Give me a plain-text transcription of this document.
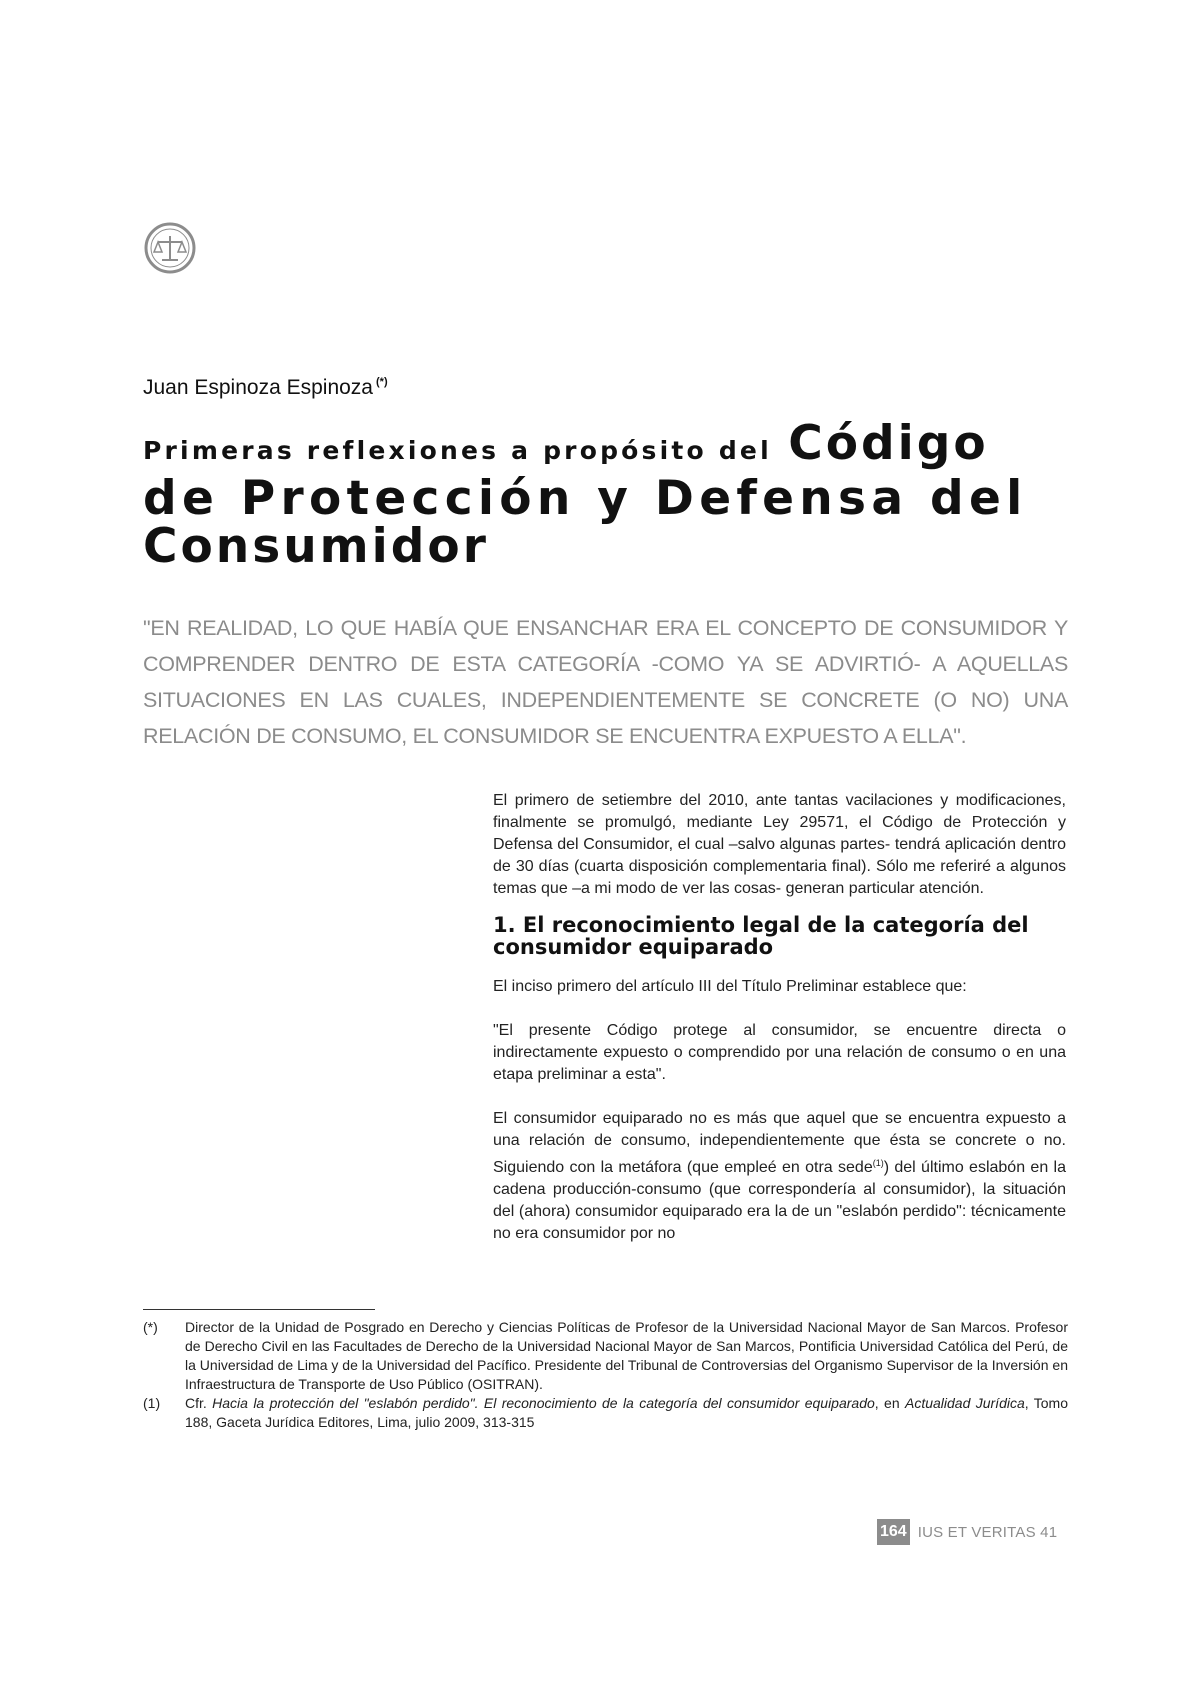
Juan Espinoza Espinoza (*)
Primeras reflexiones a propósito del Código
de Protección y Defensa del
Consumidor

"EN REALIDAD, LO QUE HABÍA QUE ENSANCHAR ERA EL CONCEPTO DE CONSUMIDOR Y COMPRENDER DENTRO DE ESTA CATEGORÍA -COMO YA SE ADVIRTIÓ- A AQUELLAS SITUACIONES EN LAS CUALES, INDEPENDIENTEMENTE SE CONCRETE (O NO) UNA RELACIÓN DE CONSUMO, EL CONSUMIDOR SE ENCUENTRA EXPUESTO A ELLA".

El primero de setiembre del 2010, ante tantas vacilaciones y modificaciones, finalmente se promulgó, mediante Ley 29571, el Código de Protección y Defensa del Consumidor, el cual –salvo algunas partes- tendrá aplicación dentro de 30 días (cuarta disposición complementaria final). Sólo me referiré a algunos temas que –a mi modo de ver las cosas- generan particular atención.

1. El reconocimiento legal de la categoría del consumidor equiparado

El inciso primero del artículo III del Título Preliminar establece que:

"El presente Código protege al consumidor, se encuentre directa o indirectamente expuesto o comprendido por una relación de consumo o en una etapa preliminar a esta".

El consumidor equiparado no es más que aquel que se encuentra expuesto a una relación de consumo, independientemente que ésta se concrete o no. Siguiendo con la metáfora (que empleé en otra sede$^{(1)}$) del último eslabón en la cadena producción-consumo (que correspondería al consumidor), la situación del (ahora) consumidor equiparado era la de un "eslabón perdido": técnicamente no era consumidor por no

(*)	Director de la Unidad de Posgrado en Derecho y Ciencias Políticas de Profesor de la Universidad Nacional Mayor de San Marcos. Profesor de Derecho Civil en las Facultades de Derecho de la Universidad Nacional Mayor de San Marcos, Pontificia Universidad Católica del Perú, de la Universidad de Lima y de la Universidad del Pacífico. Presidente del Tribunal de Controversias del Organismo Supervisor de la Inversión en Infraestructura de Transporte de Uso Público (OSITRAN).
(1)	Cfr. Hacia la protección del "eslabón perdido". El reconocimiento de la categoría del consumidor equiparado, en Actualidad Jurídica, Tomo 188, Gaceta Jurídica Editores, Lima, julio 2009, 313-315
164 IUS ET VERITAS 41
